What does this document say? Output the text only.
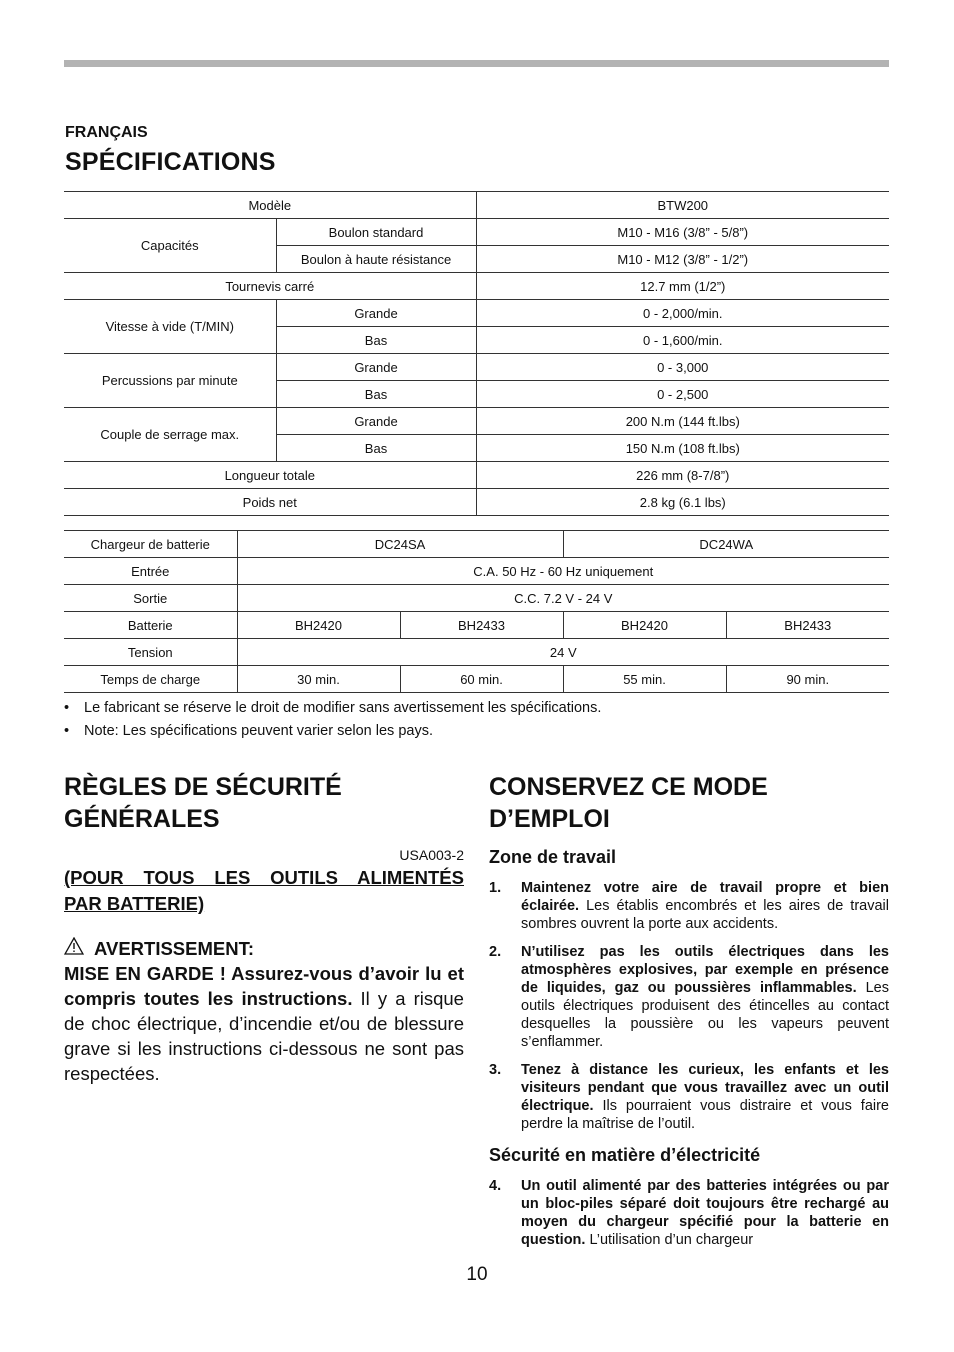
FRANÇAIS
SPÉCIFICATIONS
Modèle		BTW200
Capacités	Boulon standard	M10 - M16 (3/8” - 5/8”)
	Boulon à haute résistance	M10 - M12 (3/8” - 1/2”)
Tournevis carré		12.7 mm (1/2”)
Vitesse à vide (T/MIN)	Grande	0 - 2,000/min.
	Bas	0 - 1,600/min.
Percussions par minute	Grande	0 - 3,000
	Bas	0 - 2,500
Couple de serrage max.	Grande	200 N.m (144 ft.lbs)
	Bas	150 N.m (108 ft.lbs)
Longueur totale		226 mm (8-7/8”)
Poids net		2.8 kg (6.1 lbs)
Chargeur de batterie	DC24SA		DC24WA	
Entrée	C.A. 50 Hz - 60 Hz uniquement			
Sortie	C.C. 7.2 V - 24 V			
Batterie	BH2420	BH2433	BH2420	BH2433
Tension	24 V			
Temps de charge	30 min.	60 min.	55 min.	90 min.
• Le fabricant se réserve le droit de modifier sans avertissement les spécifications.
• Note: Les spécifications peuvent varier selon les pays.
RÈGLES DE SÉCURITÉ
GÉNÉRALES
USA003-2
(POUR TOUS LES OUTILS ALIMENTÉS
PAR BATTERIE)
AVERTISSEMENT:
MISE EN GARDE ! Assurez-vous d’avoir lu et compris toutes les instructions. Il y a risque de choc électrique, d’incendie et/ou de blessure grave si les instructions ci-dessous ne sont pas respectées.
CONSERVEZ CE MODE
D’EMPLOI
Zone de travail
1. Maintenez votre aire de travail propre et bien éclairée. Les établis encombrés et les aires de travail sombres ouvrent la porte aux accidents.
2. N’utilisez pas les outils électriques dans les atmosphères explosives, par exemple en présence de liquides, gaz ou poussières inflammables. Les outils électriques produisent des étincelles au contact desquelles la poussière ou les vapeurs peuvent s’enflammer.
3. Tenez à distance les curieux, les enfants et les visiteurs pendant que vous travaillez avec un outil électrique. Ils pourraient vous distraire et vous faire perdre la maîtrise de l’outil.
Sécurité en matière d’électricité
4. Un outil alimenté par des batteries intégrées ou par un bloc-piles séparé doit toujours être rechargé au moyen du chargeur spécifié pour la batterie en question. L’utilisation d’un chargeur
10
